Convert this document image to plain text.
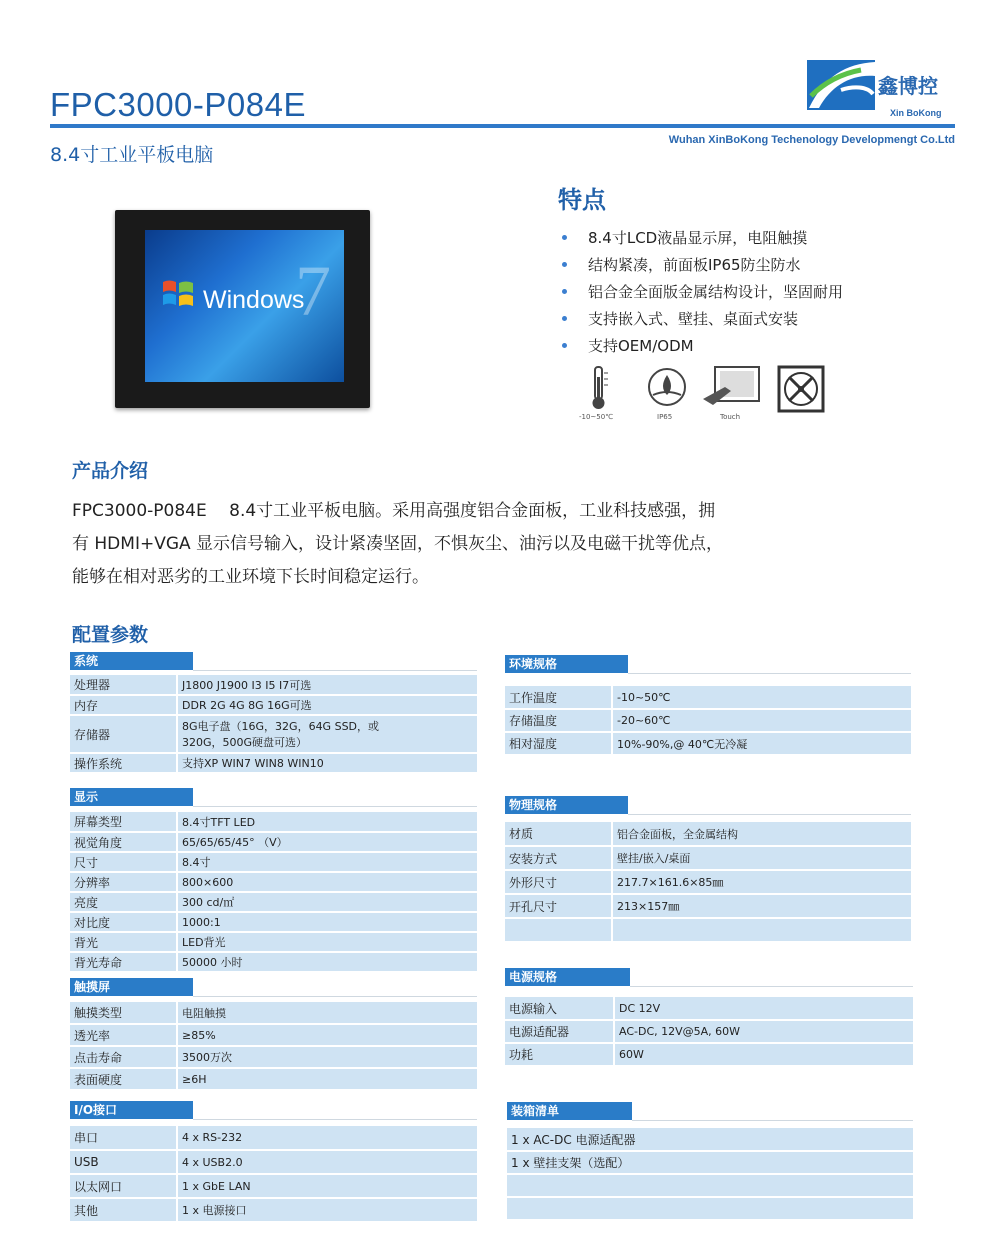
FPC3000-P084E
8.4寸工业平板电脑
Wuhan XinBoKong Techenology Developmengt Co.Ltd
鑫博控
Xin BoKong
7
Windows
特点
8.4寸LCD液晶显示屏，电阻触摸
结构紧凑，前面板IP65防尘防水
铝合金全面版金属结构设计，坚固耐用
支持嵌入式、壁挂、桌面式安装
支持OEM/ODM
-10~50℃	IP65	Touch
产品介绍

FPC3000-P084E　 8.4寸工业平板电脑。采用高强度铝合金面板，工业科技感强，拥
有 HDMI+VGA 显示信号输入，设计紧凑坚固，不惧灰尘、油污以及电磁干扰等优点，
能够在相对恶劣的工业环境下长时间稳定运行。

配置参数
系统
处理器	J1800 J1900 I3 I5 I7可选
内存	DDR 2G 4G 8G 16G可选
存储器	8G电子盘（16G，32G，64G SSD，或
320G，500G硬盘可选）

操作系统	支持XP WIN7 WIN8 WIN10
显示
屏幕类型	8.4寸TFT LED
视觉角度	65/65/65/45° （V）
尺寸	8.4寸
分辨率	800×600
亮度	300 cd/㎡
对比度	1000:1
背光	LED背光
背光寿命	50000 小时
触摸屏
触摸类型	电阻触摸
透光率	≥85%
点击寿命	3500万次
表面硬度	≥6H
I/O接口
串口	4 x RS-232
USB	4 x USB2.0
以太网口	1 x GbE LAN
其他	1 x 电源接口
环境规格
工作温度	-10~50℃
存储温度	-20~60℃
相对湿度	10%-90%,@ 40℃无冷凝
物理规格
材质	铝合金面板，全金属结构
安装方式	壁挂/嵌入/桌面
外形尺寸	217.7×161.6×85㎜
开孔尺寸	213×157㎜

电源规格
电源输入	DC 12V
电源适配器	AC-DC, 12V@5A, 60W
功耗	60W
装箱清单
1 x AC-DC 电源适配器
1 x 壁挂支架（选配）
